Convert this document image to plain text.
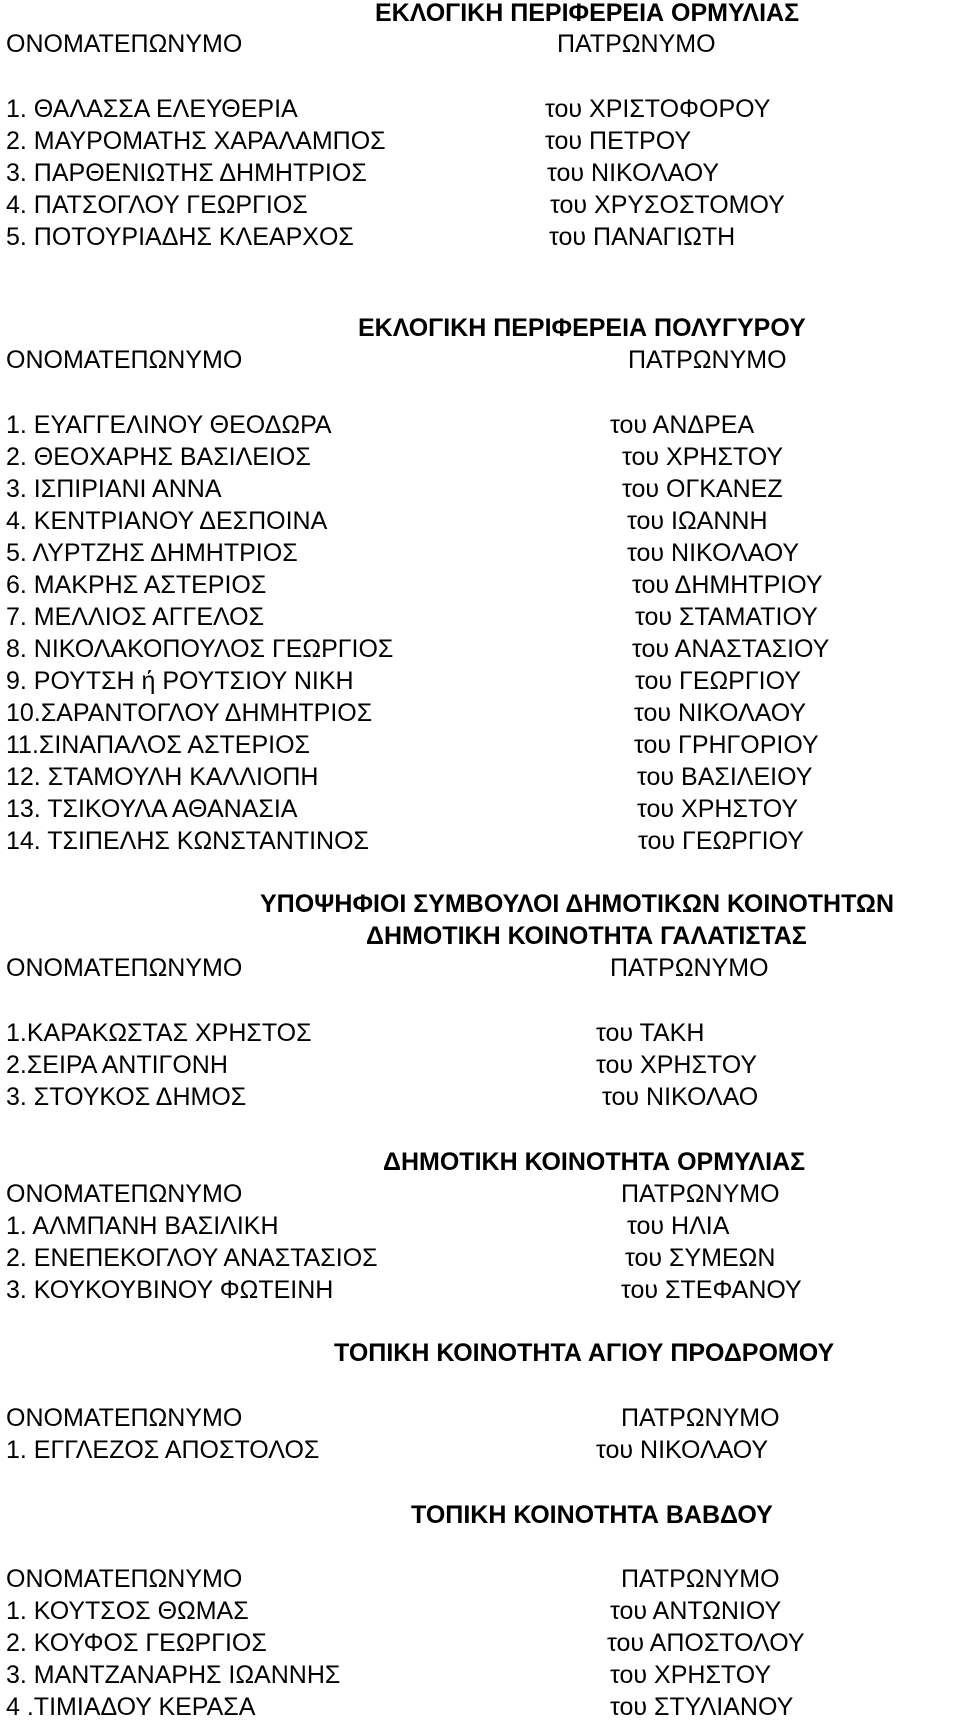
ΕΚΛΟΓΙΚΗ ΠΕΡΙΦΕΡΕΙΑ ΟΡΜΥΛΙΑΣ
ΟΝΟΜΑΤΕΠΩΝΥΜΟ	ΠΑΤΡΩΝΥΜΟ
1. ΘΑΛΑΣΣΑ ΕΛΕΥΘΕΡΙΑ	του ΧΡΙΣΤΟΦΟΡΟΥ
2. ΜΑΥΡΟΜΑΤΗΣ ΧΑΡΑΛΑΜΠΟΣ	του ΠΕΤΡΟΥ
3. ΠΑΡΘΕΝΙΩΤΗΣ ΔΗΜΗΤΡΙΟΣ	του ΝΙΚΟΛΑΟΥ
4. ΠΑΤΣΟΓΛΟΥ ΓΕΩΡΓΙΟΣ	του ΧΡΥΣΟΣΤΟΜΟΥ
5. ΠΟΤΟΥΡΙΑΔΗΣ ΚΛΕΑΡΧΟΣ	του ΠΑΝΑΓΙΩΤΗ
ΕΚΛΟΓΙΚΗ ΠΕΡΙΦΕΡΕΙΑ ΠΟΛΥΓΥΡΟΥ
ΟΝΟΜΑΤΕΠΩΝΥΜΟ	ΠΑΤΡΩΝΥΜΟ
1. ΕΥΑΓΓΕΛΙΝΟΥ ΘΕΟΔΩΡΑ	του ΑΝΔΡΕΑ
2. ΘΕΟΧΑΡΗΣ ΒΑΣΙΛΕΙΟΣ	του ΧΡΗΣΤΟΥ
3. ΙΣΠΙΡΙΑΝΙ ΑΝΝΑ	του ΟΓΚΑΝΕΖ
4. ΚΕΝΤΡΙΑΝΟΥ ΔΕΣΠΟΙΝΑ	του ΙΩΑΝΝΗ
5. ΛΥΡΤΖΗΣ ΔΗΜΗΤΡΙΟΣ	του ΝΙΚΟΛΑΟΥ
6. ΜΑΚΡΗΣ ΑΣΤΕΡΙΟΣ	του ΔΗΜΗΤΡΙΟΥ
7. ΜΕΛΛΙΟΣ ΑΓΓΕΛΟΣ	του ΣΤΑΜΑΤΙΟΥ
8. ΝΙΚΟΛΑΚΟΠΟΥΛΟΣ ΓΕΩΡΓΙΟΣ	του ΑΝΑΣΤΑΣΙΟΥ
9. ΡΟΥΤΣΗ ή ΡΟΥΤΣΙΟΥ ΝΙΚΗ	του ΓΕΩΡΓΙΟΥ
10.ΣΑΡΑΝΤΟΓΛΟΥ ΔΗΜΗΤΡΙΟΣ	του ΝΙΚΟΛΑΟΥ
11.ΣΙΝΑΠΑΛΟΣ ΑΣΤΕΡΙΟΣ	του ΓΡΗΓΟΡΙΟΥ
12. ΣΤΑΜΟΥΛΗ ΚΑΛΛΙΟΠΗ	του ΒΑΣΙΛΕΙΟΥ
13. ΤΣΙΚΟΥΛΑ ΑΘΑΝΑΣΙΑ	του ΧΡΗΣΤΟΥ
14. ΤΣΙΠΕΛΗΣ ΚΩΝΣΤΑΝΤΙΝΟΣ	του ΓΕΩΡΓΙΟΥ
ΥΠΟΨΗΦΙΟΙ ΣΥΜΒΟΥΛΟΙ ΔΗΜΟΤΙΚΩΝ ΚΟΙΝΟΤΗΤΩΝ
ΔΗΜΟΤΙΚΗ ΚΟΙΝΟΤΗΤΑ ΓΑΛΑΤΙΣΤΑΣ
ΟΝΟΜΑΤΕΠΩΝΥΜΟ	ΠΑΤΡΩΝΥΜΟ
1.ΚΑΡΑΚΩΣΤΑΣ ΧΡΗΣΤΟΣ	του ΤΑΚΗ
2.ΣΕΙΡΑ ΑΝΤΙΓΟΝΗ	του ΧΡΗΣΤΟΥ
3. ΣΤΟΥΚΟΣ ΔΗΜΟΣ	του ΝΙΚΟΛΑΟ
ΔΗΜΟΤΙΚΗ ΚΟΙΝΟΤΗΤΑ ΟΡΜΥΛΙΑΣ
ΟΝΟΜΑΤΕΠΩΝΥΜΟ	ΠΑΤΡΩΝΥΜΟ
1. ΑΛΜΠΑΝΗ ΒΑΣΙΛΙΚΗ	του ΗΛΙΑ
2. ΕΝΕΠΕΚΟΓΛΟΥ ΑΝΑΣΤΑΣΙΟΣ	του ΣΥΜΕΩΝ
3. ΚΟΥΚΟΥΒΙΝΟΥ ΦΩΤΕΙΝΗ	του ΣΤΕΦΑΝΟΥ
ΤΟΠΙΚΗ ΚΟΙΝΟΤΗΤΑ ΑΓΙΟΥ ΠΡΟΔΡΟΜΟΥ
ΟΝΟΜΑΤΕΠΩΝΥΜΟ	ΠΑΤΡΩΝΥΜΟ
1. ΕΓΓΛΕΖΟΣ ΑΠΟΣΤΟΛΟΣ	του ΝΙΚΟΛΑΟΥ
ΤΟΠΙΚΗ ΚΟΙΝΟΤΗΤΑ ΒΑΒΔΟΥ
ΟΝΟΜΑΤΕΠΩΝΥΜΟ	ΠΑΤΡΩΝΥΜΟ
1. ΚΟΥΤΣΟΣ ΘΩΜΑΣ	του ΑΝΤΩΝΙΟΥ
2. ΚΟΥΦΟΣ ΓΕΩΡΓΙΟΣ	του ΑΠΟΣΤΟΛΟΥ
3. ΜΑΝΤΖΑΝΑΡΗΣ ΙΩΑΝΝΗΣ	του ΧΡΗΣΤΟΥ
4 .ΤΙΜΙΑΔΟΥ ΚΕΡΑΣΑ	του ΣΤΥΛΙΑΝΟΥ
